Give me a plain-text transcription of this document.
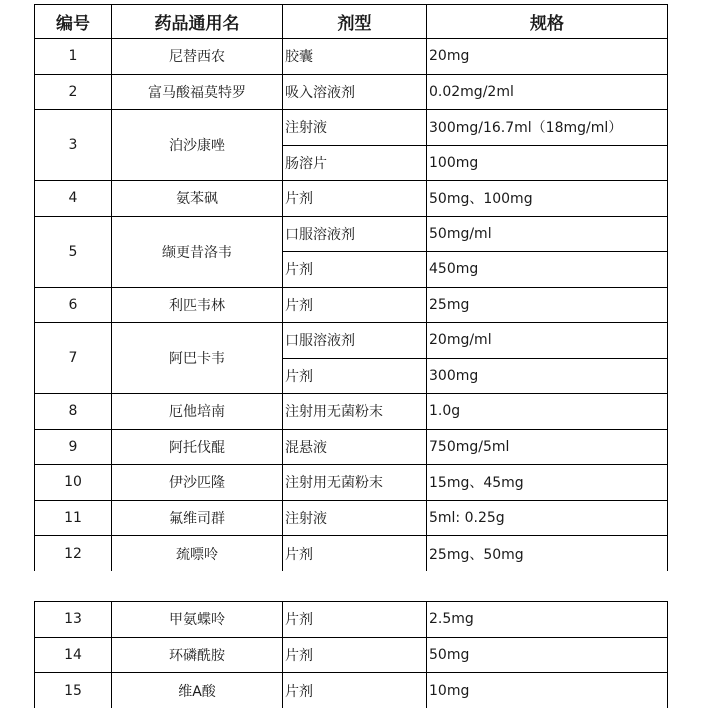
编号	药品通用名	剂型	规格
1	尼替西农	胶囊	20mg
2	富马酸福莫特罗	吸入溶液剂	0.02mg/2ml
3	泊沙康唑	注射液	300mg/16.7ml（18mg/ml）
		肠溶片	100mg
4	氨苯砜	片剂	50mg、100mg
5	缬更昔洛韦	口服溶液剂	50mg/ml
		片剂	450mg
6	利匹韦林	片剂	25mg
7	阿巴卡韦	口服溶液剂	20mg/ml
		片剂	300mg
8	厄他培南	注射用无菌粉末	1.0g
9	阿托伐醌	混悬液	750mg/5ml
10	伊沙匹隆	注射用无菌粉末	15mg、45mg
11	氟维司群	注射液	5ml: 0.25g
12	巯嘌呤	片剂	25mg、50mg
13	甲氨蝶呤	片剂	2.5mg
14	环磷酰胺	片剂	50mg
15	维A酸	片剂	10mg
